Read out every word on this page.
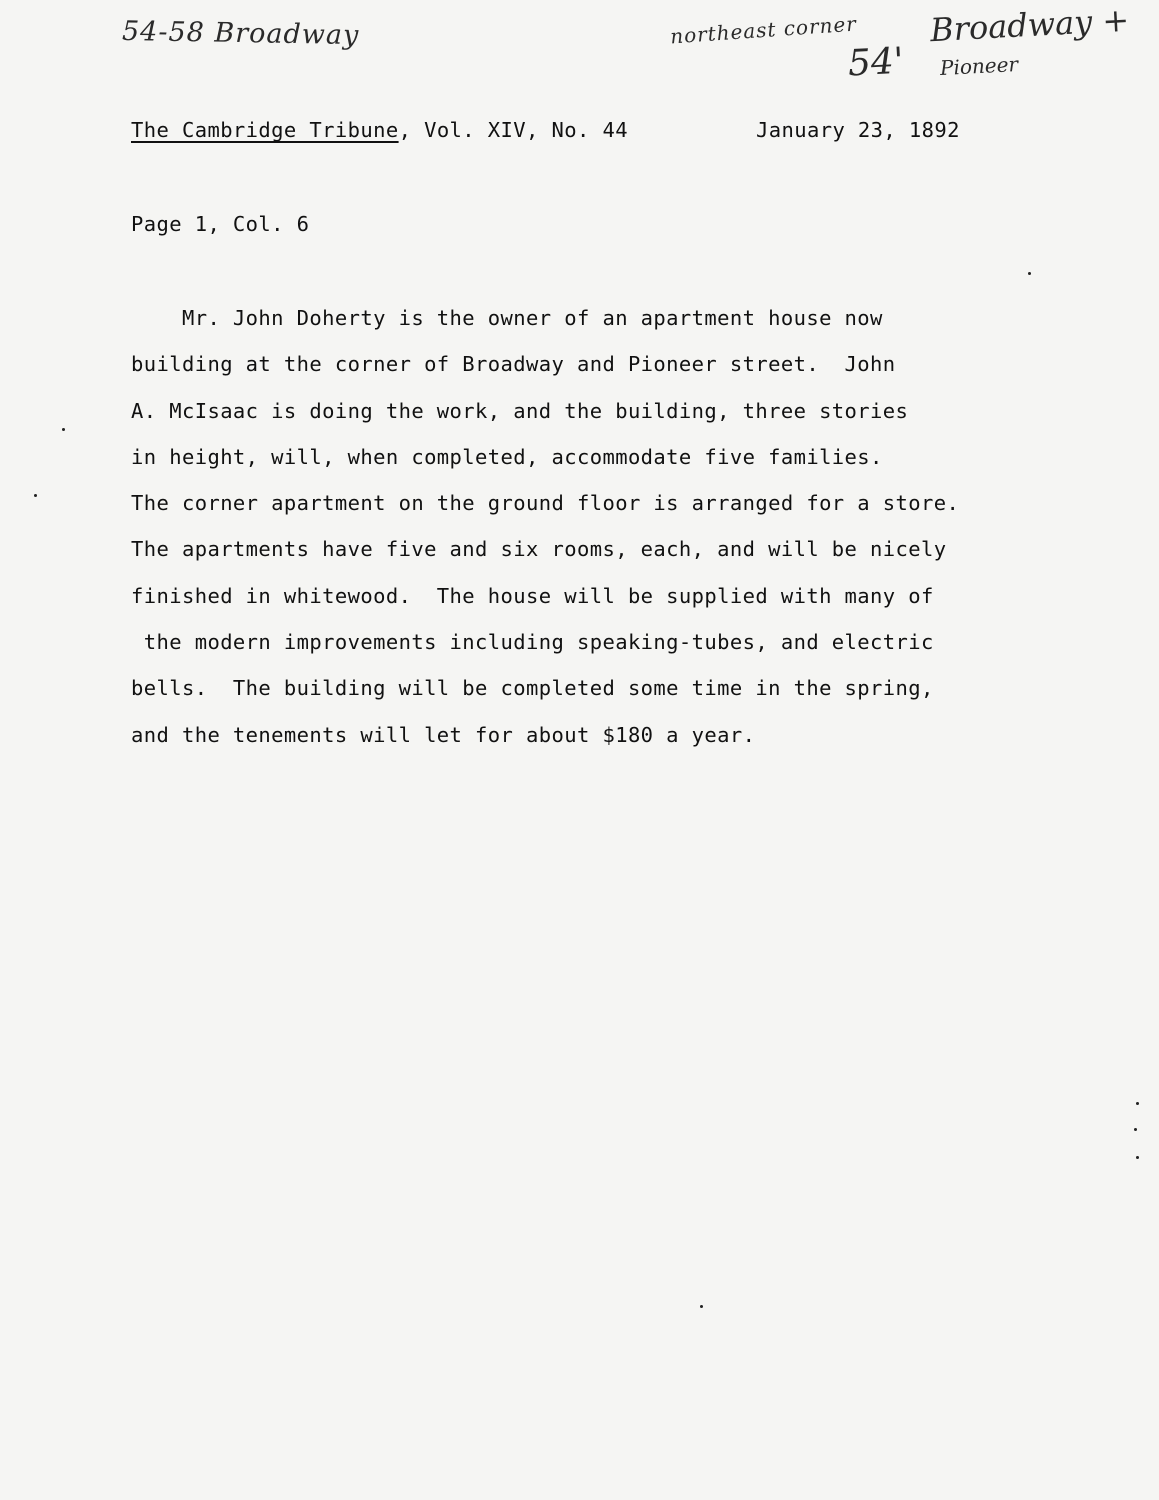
54-58 Broadway	northeast corner Broadway +
54' Pioneer
The Cambridge Tribune, Vol. XIV, No. 44	January 23, 1892
Page 1, Col. 6
Mr. John Doherty is the owner of an apartment house now
building at the corner of Broadway and Pioneer street.  John
A. McIsaac is doing the work, and the building, three stories
in height, will, when completed, accommodate five families.
The corner apartment on the ground floor is arranged for a store.
The apartments have five and six rooms, each, and will be nicely
finished in whitewood.  The house will be supplied with many of
the modern improvements including speaking-tubes, and electric
bells.  The building will be completed some time in the spring,
and the tenements will let for about $180 a year.
